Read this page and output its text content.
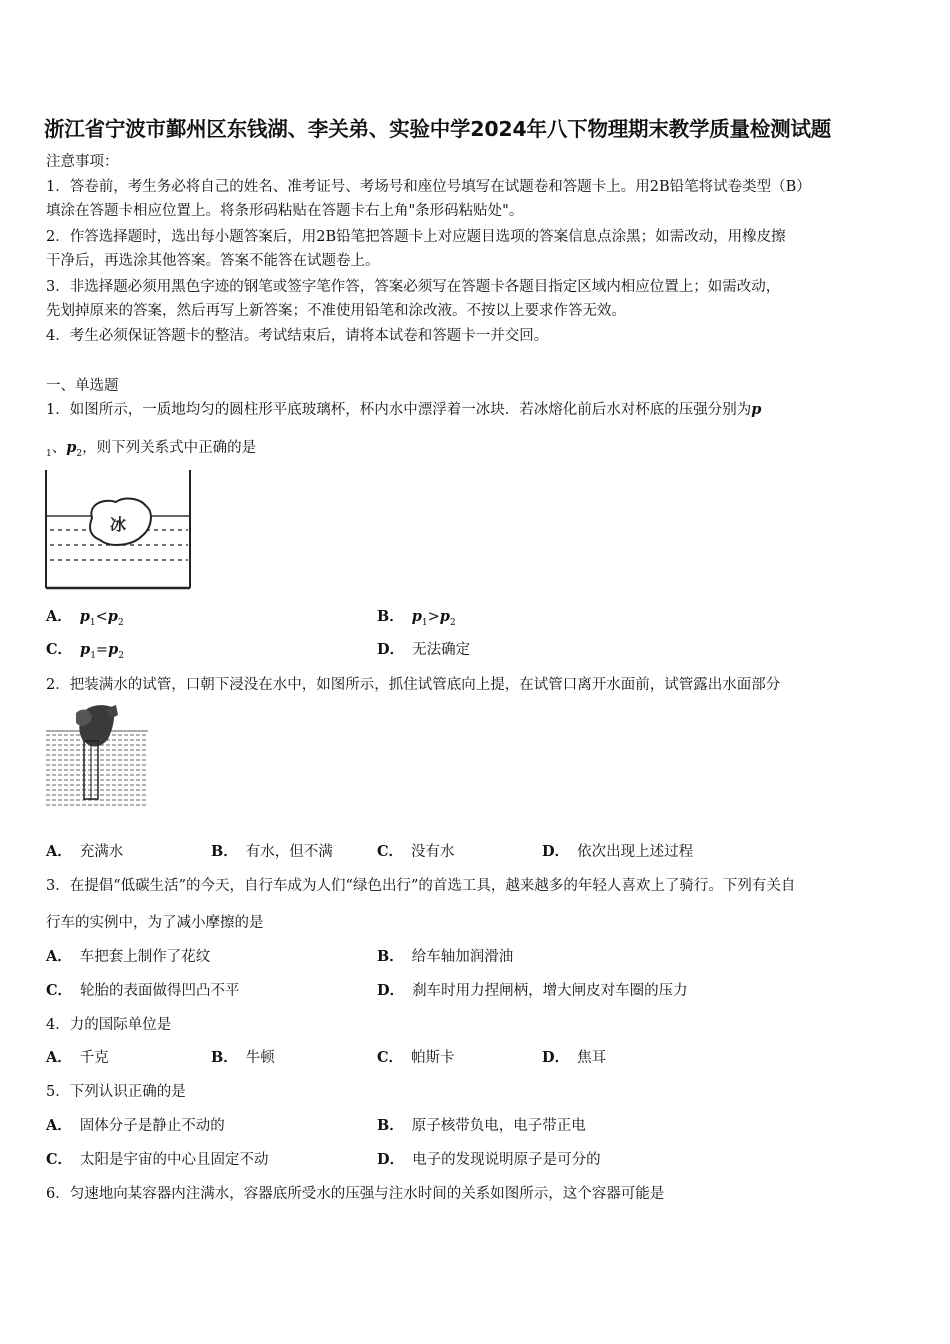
浙江省宁波市鄞州区东钱湖、李关弟、实验中学2024年八下物理期末教学质量检测试题
注意事项：
1．答卷前，考生务必将自己的姓名、准考证号、考场号和座位号填写在试题卷和答题卡上。用2B铅笔将试卷类型（B）
填涂在答题卡相应位置上。将条形码粘贴在答题卡右上角"条形码粘贴处"。
2．作答选择题时，选出每小题答案后，用2B铅笔把答题卡上对应题目选项的答案信息点涂黑；如需改动，用橡皮擦
干净后，再选涂其他答案。答案不能答在试题卷上。
3．非选择题必须用黑色字迹的钢笔或签字笔作答，答案必须写在答题卡各题目指定区域内相应位置上；如需改动，
先划掉原来的答案，然后再写上新答案；不准使用铅笔和涂改液。不按以上要求作答无效。
4．考生必须保证答题卡的整洁。考试结束后，请将本试卷和答题卡一并交回。
一、单选题
1．如图所示，一质地均匀的圆柱形平底玻璃杯，杯内水中漂浮着一冰块．若冰熔化前后水对杯底的压强分别为p
$_1$、$p_2$，则下列关系式中正确的是
冰
A． $p_1<p_2$	B． $p_1>p_2$
C． $p_1=p_2$	D． 无法确定
2．把装满水的试管，口朝下浸没在水中，如图所示，抓住试管底向上提，在试管口离开水面前，试管露出水面部分
A． 充满水	B． 有水，但不满	C． 没有水	D． 依次出现上述过程
3．在提倡“低碳生活”的今天，自行车成为人们“绿色出行”的首选工具，越来越多的年轻人喜欢上了骑行。下列有关自
行车的实例中，为了减小摩擦的是
A． 车把套上制作了花纹	B． 给车轴加润滑油
C． 轮胎的表面做得凹凸不平	D． 刹车时用力捏闸柄，增大闸皮对车圈的压力
4．力的国际单位是
A． 千克	B． 牛顿	C． 帕斯卡	D． 焦耳
5．下列认识正确的是
A． 固体分子是静止不动的	B． 原子核带负电，电子带正电
C． 太阳是宇宙的中心且固定不动	D． 电子的发现说明原子是可分的
6．匀速地向某容器内注满水，容器底所受水的压强与注水时间的关系如图所示，这个容器可能是
